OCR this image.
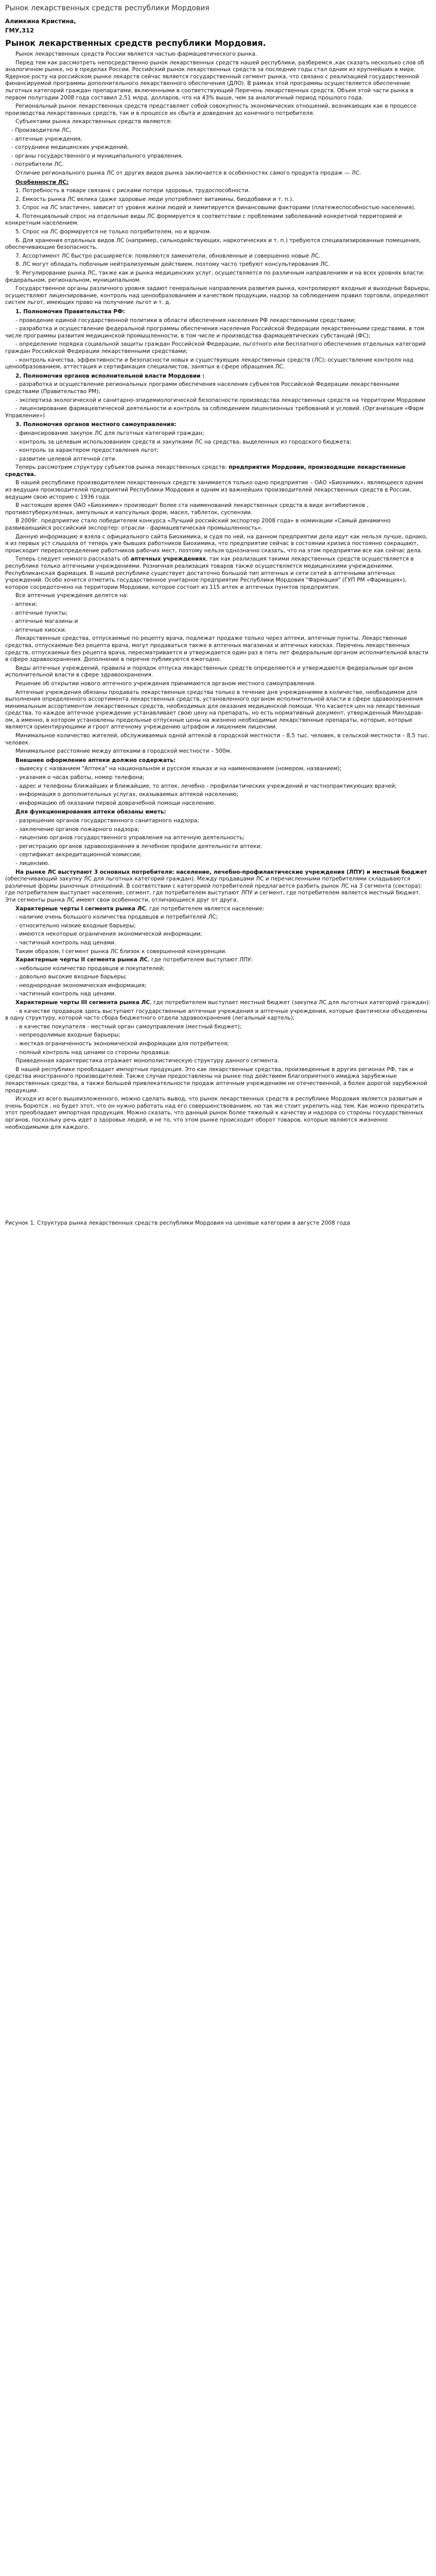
Рынок лекарственных средств республики Мордовия
Алимкина Кристина,
ГМУ,312
Рынок лекарственных средств республики Мордовия.
Рынок лекарственных средств России является частью фармацевтического рынка.
Перед тем как рассмотреть непосредственно рынок лекарственных средств нашей республики, разберемся ,как сказать несколько слов об аналогичном рынке, но в пределах России. Российский рынок лекарственных средств за последние годы стал одним из крупнейших в мире. Ядерное росту на российском рынке лекарств сейчас является государственный сегмент рынка, что связано с реализацией государственной финансируемой программы дополнительного лекарственного обеспечения (ДЛО). В рамках этой программы осуществляется обеспечение льготных категорий граждан препаратами, включенными в соответствующий Перечень лекарственных средств. Объем этой части рынка в первом полугодии 2008 года составил 2,51 млрд. долларов, что на 43% выше, чем за аналогичный период прошлого года.
Региональный рынок лекарственных средств представляет собой совокупность экономических отношений, возникающих как в процессе производства лекарственных средств, так и в процессе их сбыта и доведения до конечного потребителя.
Субъектами рынка лекарственных средств являются:
- Производители ЛС,
- аптечные учреждения,
- сотрудники медицинских учреждений,
- органы государственного и муниципального управления,
- потребители ЛС.
Отличие регионального рынка ЛС от других видов рынка заключается в особенностях самого продукта продаж — ЛС.
Особенности ЛС:
1. Потребность в товаре связана с рисками потери здоровья, трудоспособности.
2. Емкость рынка ЛС велика (даже здоровые люди употребляют витамины, биодобавки и т. п.).
3. Спрос на ЛС эластичен, зависит от уровня жизни людей и лимитируется финансовыми факторами (платежеспособностью населения).
4. Потенциальный спрос на отдельные виды ЛС формируется в соответствии с проблемами заболеваний конкретной территорией и конкретным населением.
5. Спрос на ЛС формируется не только потребителем, но и врачом.
6. Для хранения отдельных видов ЛС (например, сильнодействующих, наркотических и т. п.) требуются специализированные помещения, обеспечивающие безопасность.
7. Ассортимент ЛС быстро расширяется: появляются заменители, обновленные и совершенно новые ЛС.
8. ЛС могут обладать побочным нейтрализуемым действием, поэтому часто требуют консультирования ЛС.
9. Регулирование рынка ЛС, также как и рынка медицинских услуг, осуществляется по различным направлениям и на всех уровнях власти: федеральном, региональном, муниципальном.
Государственное органы различного уровня задают генеральные направления развития рынка, контролируют входные и выходные барьеры, осуществляют лицензирование, контроль над ценообразованием и качеством продукции, надзор за соблюдением правил торговли, определяют систем льгот, имеющих право на получение льгот и т. д.
1. Полномочия Правительства РФ:
- проведение единой государственной политики в области обеспечения населения РФ лекарственными средствами;
- разработка и осуществление федеральной программы обеспечения населения Российской Федерации лекарственными средствами, в том числе программы развития медицинской промышленности, в том числе и производства фармацевтических субстанций (ФС);
- определение порядка социальной защиты граждан Российской Федерации, льготного или бесплатного обеспечения отдельных категорий граждан Российской Федерации лекарственными средствами;
- контроль качества, эффективности и безопасности новых и существующих лекарственных средств (ЛС); осуществление контроля над ценообразованием, аттестация и сертификация специалистов, занятых в сфере обращения ЛС.
2. Полномочия органов исполнительной власти Мордовии :
- разработка и осуществление региональных программ обеспечения населения субъектов Российской Федерации лекарственными средствами (Правительство РМ);
- экспертиза экологической и санитарно-эпидемиологической безопасности производства лекарственных средств на территории Мордовии
- лицензирование фармацевтической деятельности и контроль за соблюдением лицензионных требований и условий. (Организация «Фарм Управление»)
3. Полномочия органов местного самоуправления:
- финансирование закупок ЛС для льготных категорий граждан;
- контроль за целевым использованием средств и закупками ЛС на средства, выделенных из городского бюджета;
- контроль за характером предоставления льгот;
- развитие целевой аптечной сети.
Теперь рассмотрим структуру субъектов рынка лекарственных средств: предприятия Мордовии, производящие лекарственные средства.
В нашей республике производителем лекарственных средств занимается только одно предприятие – ОАО «Биохимик», являющееся одним из ведущих производителей предприятий Республики Мордовия и одним из важнейших производителей лекарственных средств в России, ведущим свою историю с 1936 года.
В настоящее время ОАО «Биохимик» производит более ста наименований лекарственных средств в виде антибиотиков , противотуберкулезных, ампульных и капсульных форм, масел, таблеток, суспензии.
В 2009г. предприятие стало победителем конкурса «Лучший российский экспортер 2008 года» в номинации «Самый динамично развивающийся российский экспортер: отрасли - фармацевтическая промышленность».
Данную информацию я взяла с официального сайта Биохимика, и судя по ней, на данном предприятии дела идут как нельзя лучше, однако, я из первых уст слышала от теперь уже бывших работников Биохимика, что предприятие сейчас в состоянии кризиса постоянно сокращают, происходит перераспределение работников рабочих мест, поэтому нельзя однозначно сказать, что на этом предприятии все как сейчас дела.
Теперь следует немного рассказать об аптечных учреждениях, так как реализация такими лекарственных средств осуществляется в республике только аптечными учреждениями. Розничная реализация товаров также осуществляется медицинскими учреждениями. Республиканская фармация. В нашей республике существует достаточно большой тип аптечных и сети сетей в аптечными аптечных учреждений. Особо хочется отметить государственное унитарное предприятие Республики Мордовия "Фармация" (ГУП РМ «Фармация»), которое сосредоточено на территории Мордовии, которое состоит из 115 аптек и аптечных пунктов предприятия.
Все аптечные учреждения делятся на:
- аптеки;
- аптечные пункты;
- аптечные магазины и
- аптечные киоски.
Лекарственные средства, отпускаемые по рецепту врача, подлежат продаже только через аптеки, аптечные пункты. Лекарственные средства, отпускаемые без рецепта врача, могут продаваться также в аптечных магазинах и аптечных киосках. Перечень лекарственных средств, отпускаемых без рецепта врача, пересматривается и утверждается один раз в пять лет федеральным органом исполнительной власти в сфере здравоохранения. Дополнение в перечне публикуются ежегодно.
Виды аптечных учреждений, правила и порядок отпуска лекарственных средств определяются и утверждаются федеральным органом исполнительной власти в сфере здравоохранения.
Решение об открытии нового аптечного учреждения принимаются органом местного самоуправления.
Аптечные учреждения обязаны продавать лекарственные средства только в течение дня учреждениями в количестве, необходимом для выполнения определенного ассортимента лекарственных средств, установленного органом исполнительной власти в сфере здравоохранения минимальным ассортиментом лекарственных средств, необходимых для оказания медицинской помощи. Что касается цен на лекарственные средства, то каждое аптечное учреждение устанавливает свою цену на препарать, но есть нормативный документ, утвержденный Минздрав-ом, а именно, в котором установлены предельные отпускные цены на жизнено необходимые лекарственные препараты, которые, которые являются ориентирующими и гроот аптечному учреждению штрафом и лишением лицензии.
Минимальное количество жителей, обслуживаемых одной аптекой в городской местности – 8,5 тыс. человек, в сельской местности – 8,5 тыс. человек.
Минимальное расстояние между аптеками в городской местности – 500м.
Внешнее оформление аптеки должно содержать:
- вывеску с названием "Аптека" на национальном и русском языках и на наименованием (номером, названием);
- указания о часах работы, номер телефона;
- адрес и телефоны ближайших и ближайшие, то аптек, лечебно - профилактических учреждений и частнопрактикующих врачей;
- информация о дополнительных услугах, оказываемых аптекой населению;
- информацию об оказании первой доврачебной помощи населению.
Для функционирования аптеки обязаны иметь:
- разрешение органов государственного санитарного надзора;
- заключение органов пожарного надзора;
- лицензию органов государственного управления на аптечную деятельность;
- регистрацию органов здравоохранения в лечебном профиле деятельности аптеки;
- сертификат аккредитационной комиссии;
- лицензию.
На рынке ЛС выступают 3 основных потребителя: население, лечебно-профилактические учреждения (ЛПУ) и местный бюджет (обеспечивающий закупку ЛС для льготных категорий граждан). Между продавцами ЛС и перечисленными потребителями складываются различные формы рыночных отношений. В соответствии с категорией потребителей предлагается разбить рынок ЛС на 3 сегмента (сектора): где потребителем выступает население, сегмент, где потребителем выступают ЛПУ и сегмент, где потребителем является местный бюджет. Эти сегменты рынка ЛС имеют свои особенности, отличающиеся друг от друга.
Характерные черты I сегмента рынка ЛС, где потребителем является население:
- наличие очень большого количества продавцов и потребителей ЛС;
- относительно низкие входные барьеры;
- имеются некоторые ограничения экономической информации;
- частичный контроль над ценами.
Таким образом, I сегмент рынка ЛС близок к совершенной конкуренции.
Характерные черты II сегмента рынка ЛС, где потребителем выступают ЛПУ:
- небольшое количество продавцов и покупателей;
- довольно высокие входные барьеры;
- неоднородная экономическая информация;
- частичный контроль над ценами.
Характерные черты III сегмента рынка ЛС, где потребителем выступает местный бюджет (закупка ЛС для льготных категорий граждан):
- в качестве продавцов здесь выступают государственные аптечные учреждения и аптечные учреждения, которые фактически объединены в одну структуру, которой часто сбора бюджетного отдела здравоохранения (легальный картель);
- в качестве покупателя - местный орган самоуправления (местный бюджет);
- непреодолимые входные барьеры;
- жесткая ограниченность экономической информации для потребителя;
- полный контроль над ценами со стороны продавца.
Приведенная характеристика отражает монополистическую структуру данного сегмента.
В нашей республике преобладает импортные продукция. Это как лекарственные средства, произведенные в других регионах РФ, так и средства иностранного производителей. Также случаи предоставлены на рынке под действием благоприятного имиджа зарубежные лекарственных средства, а также большей привлекательности продаж аптечным учреждениям не отечественной, а более дорогой зарубежной продукции.
Исходя из всего вышеизложенного, можно сделать вывод, что рынок лекарственных средств в республике Мордовия является развитым и очень борются , но будет этот, что он нужно работать над его совершенствованием, но так же стоит укрепить над тем. Как можно прекратить этот преобладает импортная продукция. Можно сказать, что данный рынок более тяжелый к качеству и надзора со стороны государственных органов, поскольку речь идет о здоровье людей, и не то, что этом рынке происходит оборот товаров, которые являются жизненно необходимыми для каждого.
Рисунок 1. Структура рынка лекарственных средств республики Мордовия на ценовые категории в августе 2008 года
